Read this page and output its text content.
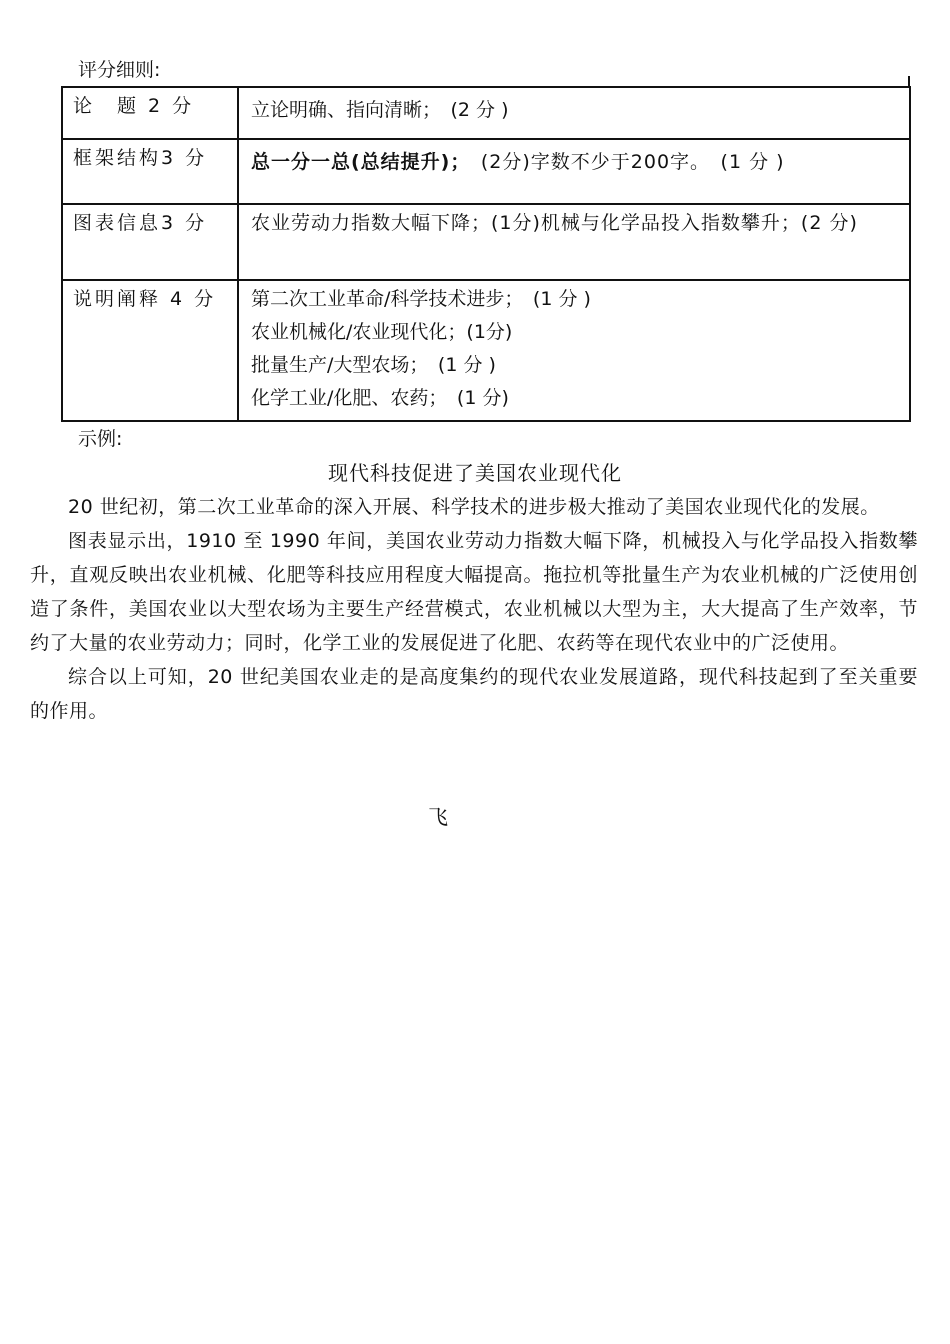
评分细则:
论　题 2 分	立论明确、指向清晰；　(2 分 )

框架结构3 分	总一分一总(总结提升)；　(2分)字数不少于200字。　(1 分 )

图表信息3 分	农业劳动力指数大幅下降；(1分)机械与化学品投入指数攀升；(2 分)

说明阐释 4 分	第二次工业革命/科学技术进步；　(1 分 )
农业机械化/农业现代化；(1分)
批量生产/大型农场；　(1 分 )
化学工业/化肥、农药；　(1 分)
示例:
现代科技促进了美国农业现代化

20 世纪初，第二次工业革命的深入开展、科学技术的进步极大推动了美国农业现代化的发展。

图表显示出，1910 至 1990 年间，美国农业劳动力指数大幅下降，机械投入与化学品投入指数攀升，直观反映出农业机械、化肥等科技应用程度大幅提高。拖拉机等批量生产为农业机械的广泛使用创造了条件，美国农业以大型农场为主要生产经营模式，农业机械以大型为主，大大提高了生产效率，节约了大量的农业劳动力；同时，化学工业的发展促进了化肥、农药等在现代农业中的广泛使用。

综合以上可知，20 世纪美国农业走的是高度集约的现代农业发展道路，现代科技起到了至关重要的作用。

飞
